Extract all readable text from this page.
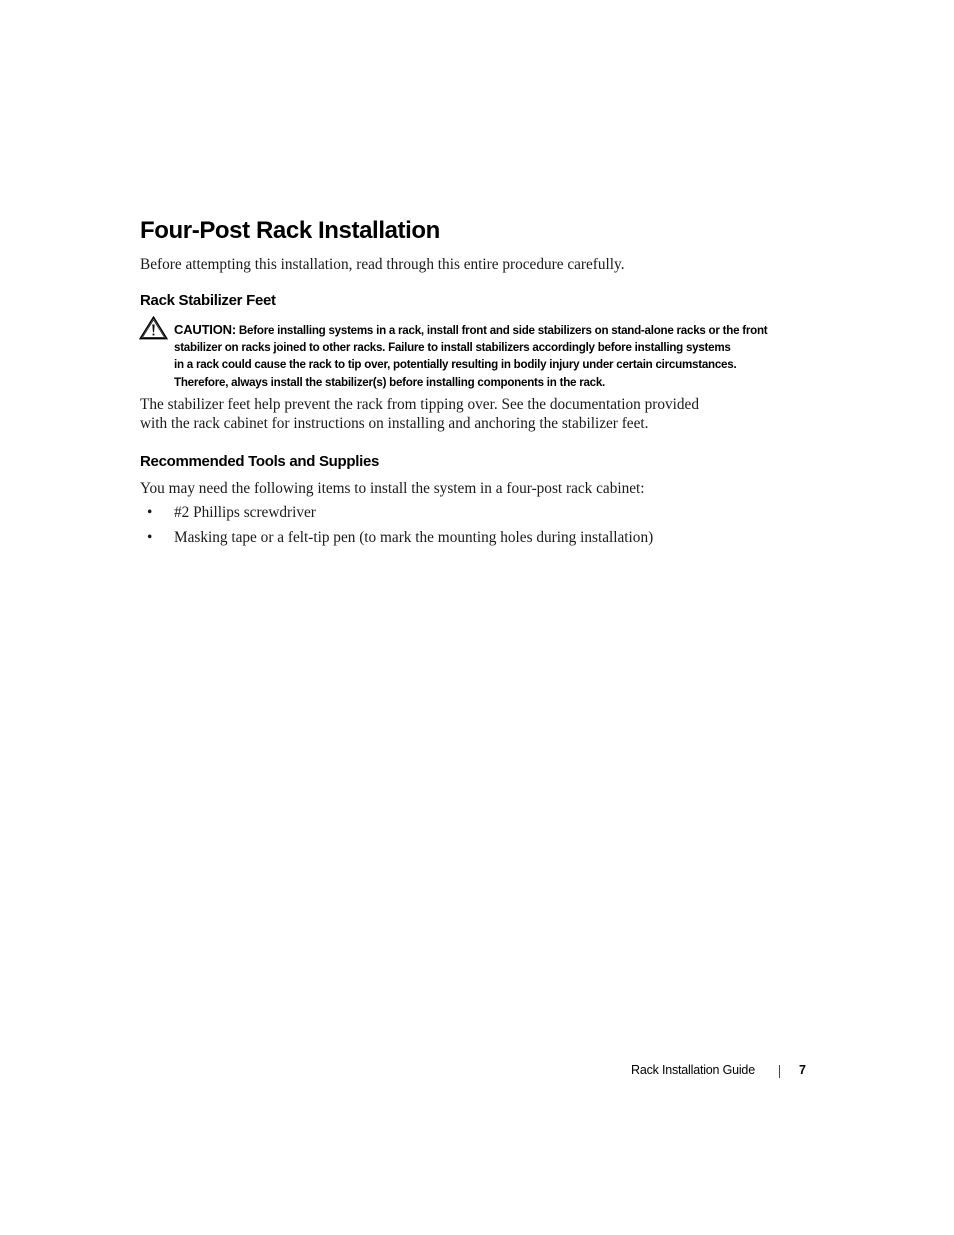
Four-Post Rack Installation

Before attempting this installation, read through this entire procedure carefully.

Rack Stabilizer Feet
CAUTION: Before installing systems in a rack, install front and side stabilizers on stand-alone racks or the front
stabilizer on racks joined to other racks. Failure to install stabilizers accordingly before installing systems
in a rack could cause the rack to tip over, potentially resulting in bodily injury under certain circumstances.
Therefore, always install the stabilizer(s) before installing components in the rack.

The stabilizer feet help prevent the rack from tipping over. See the documentation provided
with the rack cabinet for instructions on installing and anchoring the stabilizer feet.

Recommended Tools and Supplies

You may need the following items to install the system in a four-post rack cabinet:

• #2 Phillips screwdriver
• Masking tape or a felt-tip pen (to mark the mounting holes during installation)
Rack Installation Guide	7
